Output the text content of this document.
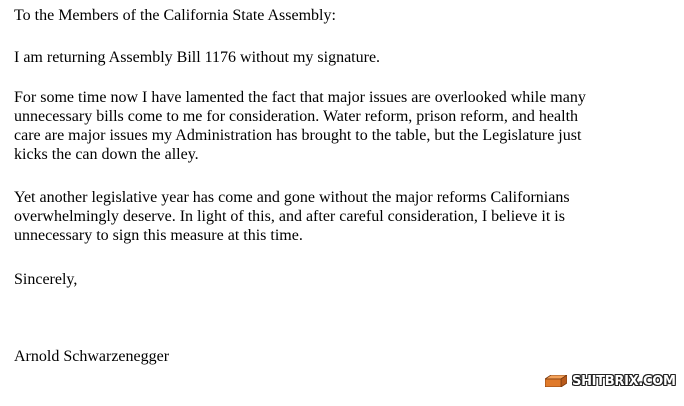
To the Members of the California State Assembly:

I am returning Assembly Bill 1176 without my signature.

For some time now I have lamented the fact that major issues are overlooked while many

unnecessary bills come to me for consideration. Water reform, prison reform, and health

care are major issues my Administration has brought to the table, but the Legislature just

kicks the can down the alley.

Yet another legislative year has come and gone without the major reforms Californians

overwhelmingly deserve. In light of this, and after careful consideration, I believe it is

unnecessary to sign this measure at this time.

Sincerely,

Arnold Schwarzenegger

SHITBRIX.COM
